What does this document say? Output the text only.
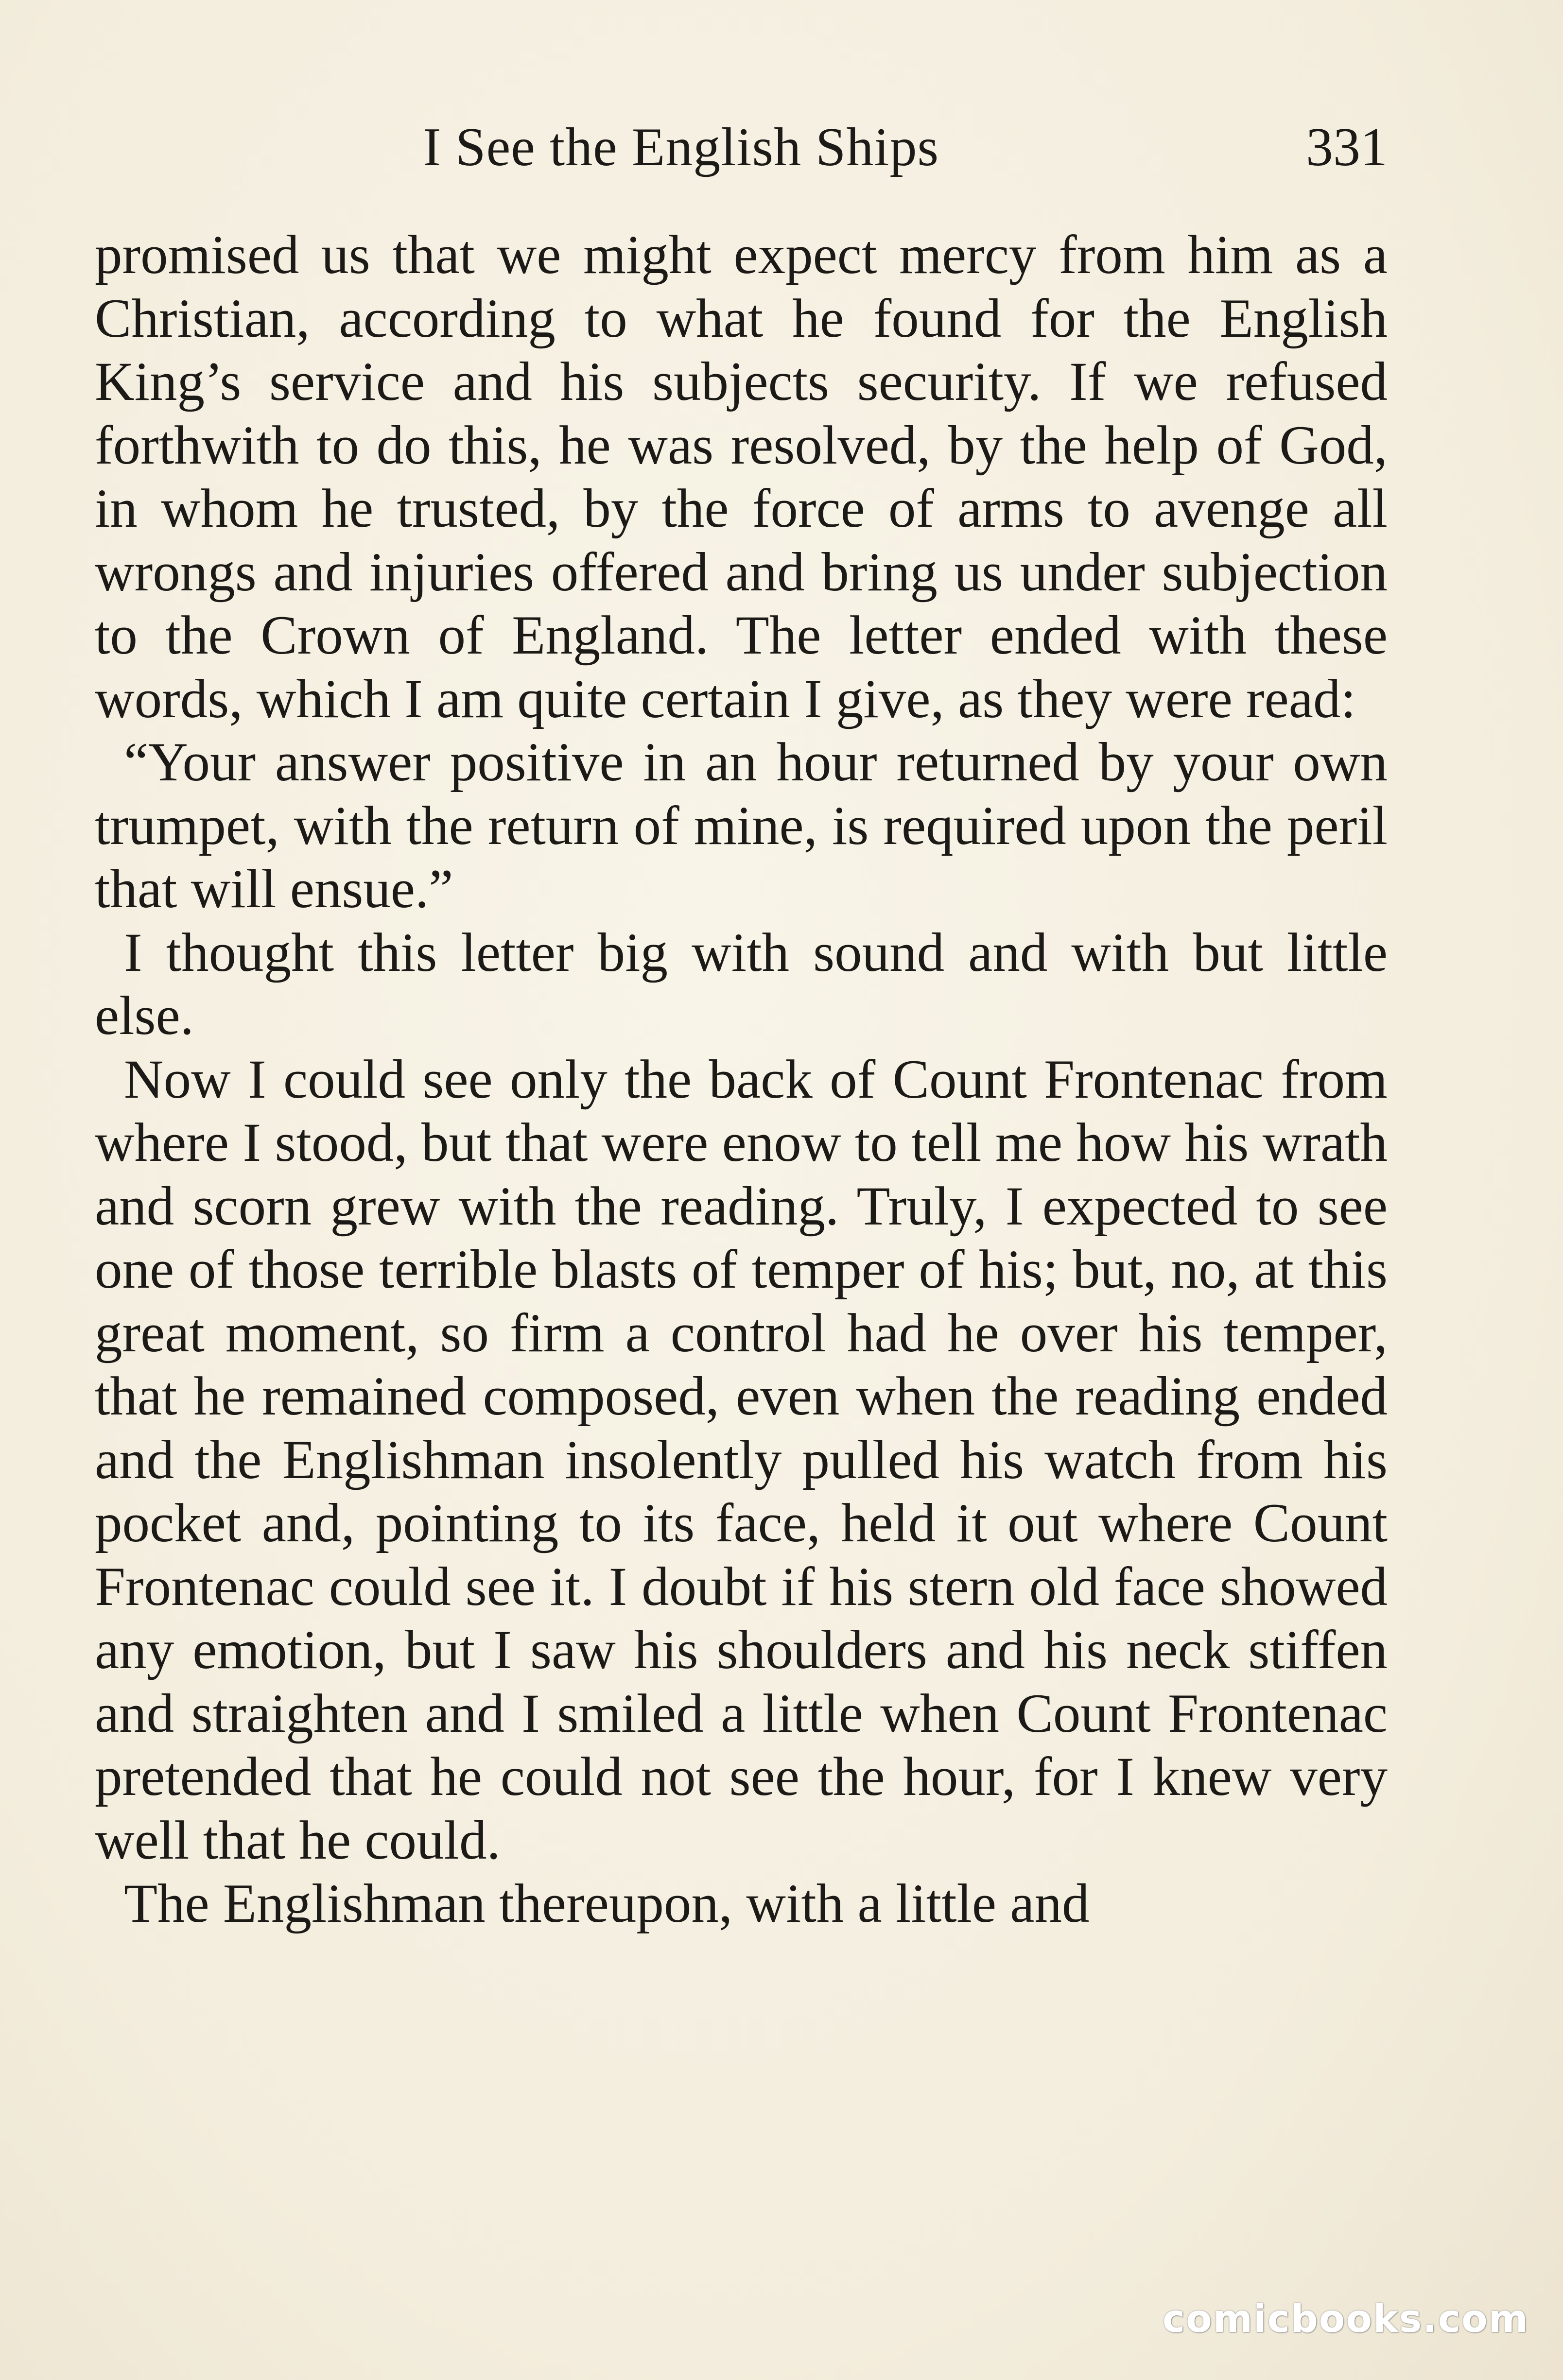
I See the English Ships	331

promised us that we might expect mercy from him as a Christian, according to what he found for the English King’s service and his subjects security. If we refused forthwith to do this, he was resolved, by the help of God, in whom he trusted, by the force of arms to avenge all wrongs and injuries offered and bring us under subjection to the Crown of England. The letter ended with these words, which I am quite certain I give, as they were read:

“Your answer positive in an hour returned by your own trumpet, with the return of mine, is required upon the peril that will ensue.”

I thought this letter big with sound and with but little else.

Now I could see only the back of Count Frontenac from where I stood, but that were enow to tell me how his wrath and scorn grew with the reading. Truly, I expected to see one of those terrible blasts of temper of his; but, no, at this great moment, so firm a control had he over his temper, that he remained composed, even when the reading ended and the Englishman insolently pulled his watch from his pocket and, pointing to its face, held it out where Count Frontenac could see it. I doubt if his stern old face showed any emotion, but I saw his shoulders and his neck stiffen and straighten and I smiled a little when Count Frontenac pretended that he could not see the hour, for I knew very well that he could.

The Englishman thereupon, with a little and

comicbooks.com
